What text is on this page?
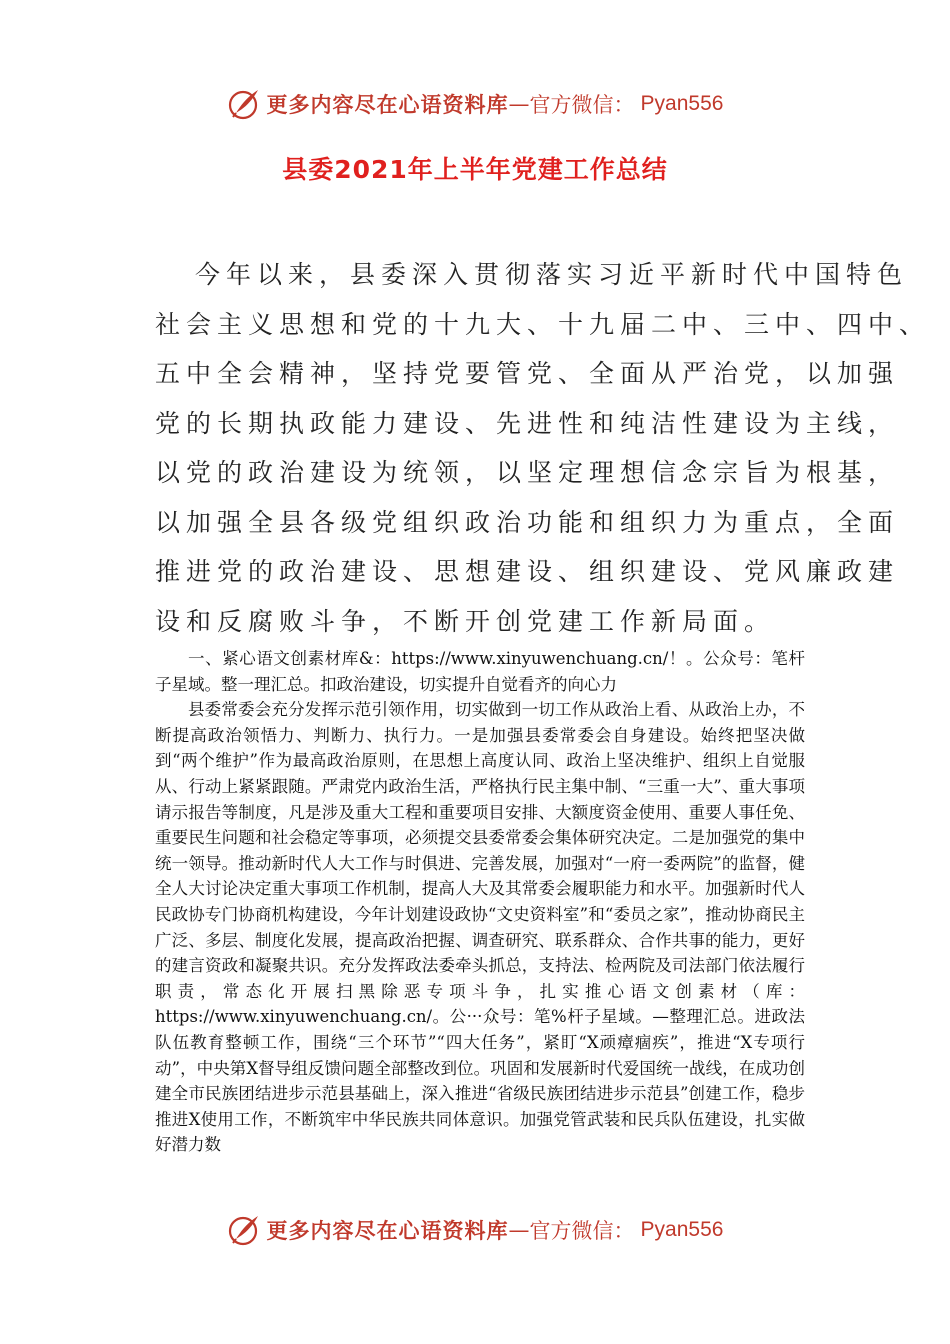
更多内容尽在心语资料库 — 官方微信： Pyan556
县委2021年上半年党建工作总结
今年以来，县委深入贯彻落实习近平新时代中国特色
社会主义思想和党的十九大、十九届二中、三中、四中、
五中全会精神，坚持党要管党、全面从严治党，以加强
党的长期执政能力建设、先进性和纯洁性建设为主线，
以党的政治建设为统领，以坚定理想信念宗旨为根基，
以加强全县各级党组织政治功能和组织力为重点，全面
推进党的政治建设、思想建设、组织建设、党风廉政建
设和反腐败斗争，不断开创党建工作新局面。

一、紧心语文创素材库&：https://www.xinyuwenchuang.cn/！。公众号：笔杆子星域。整一理汇总。扣政治建设，切实提升自觉看齐的向心力

县委常委会充分发挥示范引领作用，切实做到一切工作从政治上看、从政治上办，不断提高政治领悟力、判断力、执行力。一是加强县委常委会自身建设。始终把坚决做到“两个维护”作为最高政治原则，在思想上高度认同、政治上坚决维护、组织上自觉服从、行动上紧紧跟随。严肃党内政治生活，严格执行民主集中制、“三重一大”、重大事项请示报告等制度，凡是涉及重大工程和重要项目安排、大额度资金使用、重要人事任免、重要民生问题和社会稳定等事项，必须提交县委常委会集体研究决定。二是加强党的集中统一领导。推动新时代人大工作与时俱进、完善发展，加强对“一府一委两院”的监督，健全人大讨论决定重大事项工作机制，提高人大及其常委会履职能力和水平。加强新时代人民政协专门协商机构建设，今年计划建设政协“文史资料室”和“委员之家”，推动协商民主广泛、多层、制度化发展，提高政治把握、调查研究、联系群众、合作共事的能力，更好的建言资政和凝聚共识。充分发挥政法委牵头抓总，支持法、检两院及司法部门依法履行职责，常态化开展扫黑除恶专项斗争，扎实推心语文创素材（库：https://www.xinyuwenchuang.cn/。公···众号：笔%杆子星域。—整理汇总。进政法队伍教育整顿工作，围绕“三个环节”“四大任务”，紧盯“X顽瘴痼疾”，推进“X专项行动”，中央第X督导组反馈问题全部整改到位。巩固和发展新时代爱国统一战线，在成功创建全市民族团结进步示范县基础上，深入推进“省级民族团结进步示范县”创建工作，稳步推进X使用工作，不断筑牢中华民族共同体意识。加强党管武装和民兵队伍建设，扎实做好潜力数

更多内容尽在心语资料库 — 官方微信： Pyan556
